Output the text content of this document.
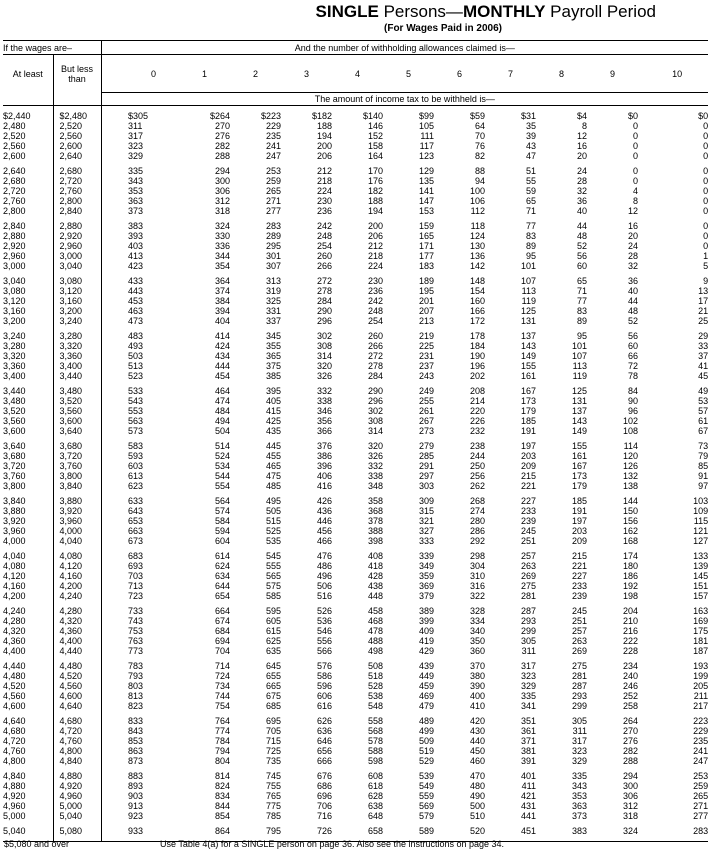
SINGLE Persons—MONTHLY Payroll Period
(For Wages Paid in 2006)
If the wages are–		And the number of withholding allowances claimed is—											
At least	But less than		0	1	2	3	4	5	6	7	8	9	10
		The amount of income tax to be withheld is—											

$2,440	$2,480		$305	$264	$223	$182	$140	$99	$59	$31	$4	$0	$0
2,480	2,520		311	270	229	188	146	105	64	35	8	0	0
2,520	2,560		317	276	235	194	152	111	70	39	12	0	0
2,560	2,600		323	282	241	200	158	117	76	43	16	0	0
2,600	2,640		329	288	247	206	164	123	82	47	20	0	0

2,640	2,680		335	294	253	212	170	129	88	51	24	0	0
2,680	2,720		343	300	259	218	176	135	94	55	28	0	0
2,720	2,760		353	306	265	224	182	141	100	59	32	4	0
2,760	2,800		363	312	271	230	188	147	106	65	36	8	0
2,800	2,840		373	318	277	236	194	153	112	71	40	12	0

2,840	2,880		383	324	283	242	200	159	118	77	44	16	0
2,880	2,920		393	330	289	248	206	165	124	83	48	20	0
2,920	2,960		403	336	295	254	212	171	130	89	52	24	0
2,960	3,000		413	344	301	260	218	177	136	95	56	28	1
3,000	3,040		423	354	307	266	224	183	142	101	60	32	5

3,040	3,080		433	364	313	272	230	189	148	107	65	36	9
3,080	3,120		443	374	319	278	236	195	154	113	71	40	13
3,120	3,160		453	384	325	284	242	201	160	119	77	44	17
3,160	3,200		463	394	331	290	248	207	166	125	83	48	21
3,200	3,240		473	404	337	296	254	213	172	131	89	52	25

3,240	3,280		483	414	345	302	260	219	178	137	95	56	29
3,280	3,320		493	424	355	308	266	225	184	143	101	60	33
3,320	3,360		503	434	365	314	272	231	190	149	107	66	37
3,360	3,400		513	444	375	320	278	237	196	155	113	72	41
3,400	3,440		523	454	385	326	284	243	202	161	119	78	45

3,440	3,480		533	464	395	332	290	249	208	167	125	84	49
3,480	3,520		543	474	405	338	296	255	214	173	131	90	53
3,520	3,560		553	484	415	346	302	261	220	179	137	96	57
3,560	3,600		563	494	425	356	308	267	226	185	143	102	61
3,600	3,640		573	504	435	366	314	273	232	191	149	108	67

3,640	3,680		583	514	445	376	320	279	238	197	155	114	73
3,680	3,720		593	524	455	386	326	285	244	203	161	120	79
3,720	3,760		603	534	465	396	332	291	250	209	167	126	85
3,760	3,800		613	544	475	406	338	297	256	215	173	132	91
3,800	3,840		623	554	485	416	348	303	262	221	179	138	97

3,840	3,880		633	564	495	426	358	309	268	227	185	144	103
3,880	3,920		643	574	505	436	368	315	274	233	191	150	109
3,920	3,960		653	584	515	446	378	321	280	239	197	156	115
3,960	4,000		663	594	525	456	388	327	286	245	203	162	121
4,000	4,040		673	604	535	466	398	333	292	251	209	168	127

4,040	4,080		683	614	545	476	408	339	298	257	215	174	133
4,080	4,120		693	624	555	486	418	349	304	263	221	180	139
4,120	4,160		703	634	565	496	428	359	310	269	227	186	145
4,160	4,200		713	644	575	506	438	369	316	275	233	192	151
4,200	4,240		723	654	585	516	448	379	322	281	239	198	157

4,240	4,280		733	664	595	526	458	389	328	287	245	204	163
4,280	4,320		743	674	605	536	468	399	334	293	251	210	169
4,320	4,360		753	684	615	546	478	409	340	299	257	216	175
4,360	4,400		763	694	625	556	488	419	350	305	263	222	181
4,400	4,440		773	704	635	566	498	429	360	311	269	228	187

4,440	4,480		783	714	645	576	508	439	370	317	275	234	193
4,480	4,520		793	724	655	586	518	449	380	323	281	240	199
4,520	4,560		803	734	665	596	528	459	390	329	287	246	205
4,560	4,600		813	744	675	606	538	469	400	335	293	252	211
4,600	4,640		823	754	685	616	548	479	410	341	299	258	217

4,640	4,680		833	764	695	626	558	489	420	351	305	264	223
4,680	4,720		843	774	705	636	568	499	430	361	311	270	229
4,720	4,760		853	784	715	646	578	509	440	371	317	276	235
4,760	4,800		863	794	725	656	588	519	450	381	323	282	241
4,800	4,840		873	804	735	666	598	529	460	391	329	288	247

4,840	4,880		883	814	745	676	608	539	470	401	335	294	253
4,880	4,920		893	824	755	686	618	549	480	411	343	300	259
4,920	4,960		903	834	765	696	628	559	490	421	353	306	265
4,960	5,000		913	844	775	706	638	569	500	431	363	312	271
5,000	5,040		923	854	785	716	648	579	510	441	373	318	277

5,040	5,080		933	864	795	726	658	589	520	451	383	324	283

$5,080 and over	Use Table 4(a) for a SINGLE person on page 36. Also see the instructions on page 34.
